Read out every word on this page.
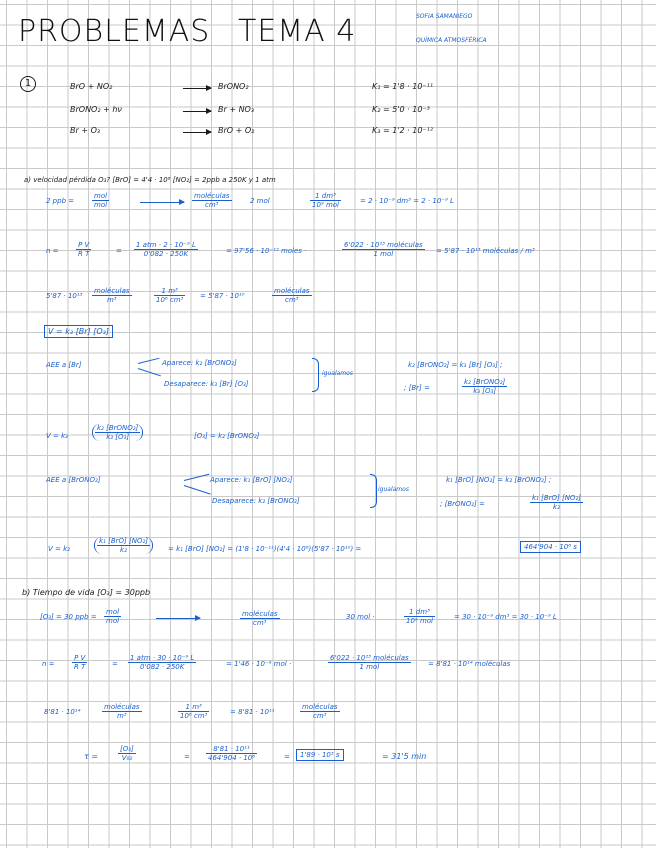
PROBLEMAS TEMA 4	SOFIA SAMANIEGO
QUÍMICA ATMOSFÉRICA
1	BrO + NO₂	→ BrONO₂	K₁ = 1'8 · 10⁻¹¹
BrONO₂ + hν	→ Br + NO₃	K₂ = 5'0 · 10⁻³
Br + O₃	→ BrO + O₂	K₃ = 1'2 · 10⁻¹²
a) velocidad pérdida O₃? [BrO] = 4'4 · 10⁸ [NO₂] = 2ppb a 250K y 1 atm
2 ppb =
mol
mol
moléculas
cm³	2 mol
1 dm³
10⁹ mol	= 2 · 10⁻⁹ dm³ = 2 · 10⁻⁹ L
$n = \frac{\text{P V}}{\text{R T}}$	=
1 atm · 2 · 10⁻⁹ L
0'082 · 250K	= 97'56 · 10⁻¹² moles ·
6'022 · 10²³ moléculas
1 mol	= 5'87 · 10¹³ moléculas / m³
5'87 · 10¹³
moléculas
m³	$\frac{\text{1 m³}}{\text{10⁶ cm³}} = 5'87 \cdot 10^{10}$
moléculas
cm³
V = k₃ [Br] [O₃]
AEE a [Br]	Aparece: k₂ [BrONO₂]
Desaparece: k₃ [Br] [O₃]
igualamos
k₂ [BrONO₂] = k₃ [Br] [O₃] ;
; [Br] =
k₂ [BrONO₂]
k₃ [O₃]
V = k₃
k₂ [BrONO₂]
k₃ [O₃]	[O₃] = k₂ [BrONO₂]
AEE a [BrONO₂]	Aparece: k₁ [BrO] [NO₂]
Desaparece: k₂ [BrONO₂]
igualamos
k₁ [BrO] [NO₂] = k₂ [BrONO₂] ;
; [BrONO₂] =
k₁ [BrO] [NO₂]
k₂
V = k₂
k₁ [BrO] [NO₂]
k₂	= k₁ [BrO] [NO₂] = (1'8 · 10⁻¹¹)(4'4 · 10⁸)(5'87 · 10¹⁰) =	464'904 · 10⁶ s
b) Tiempo de vida [O₃] = 30ppb
[O₃] = 30 ppb =
mol
mol
moléculas
cm³
30 mol ·
1 dm³
10⁹ mol	= 30 · 10⁻⁹ dm³ = 30 · 10⁻⁹ L
$n = \frac{\text{P V}}{\text{R T}}$	=
1 atm · 30 · 10⁻⁹ L
0'082 · 250K	= 1'46 · 10⁻⁹ mol ·
6'022 · 10²³ moléculas
1 mol	= 8'81 · 10¹⁴ moléculas
8'81 · 10¹⁴
moléculas
m³	$\frac{\text{1 m³}}{\text{10⁶ cm³}}$	= 8'81 · 10¹¹
moléculas
cm³
τ =	$\frac{\text{[O₃]}}{\text{V₀₃}}$	= $\frac{\text{8'81 · 10¹¹}}{\text{464'904 · 10⁶}}$	=	1'89 · 10³ s	= 31'5 min
